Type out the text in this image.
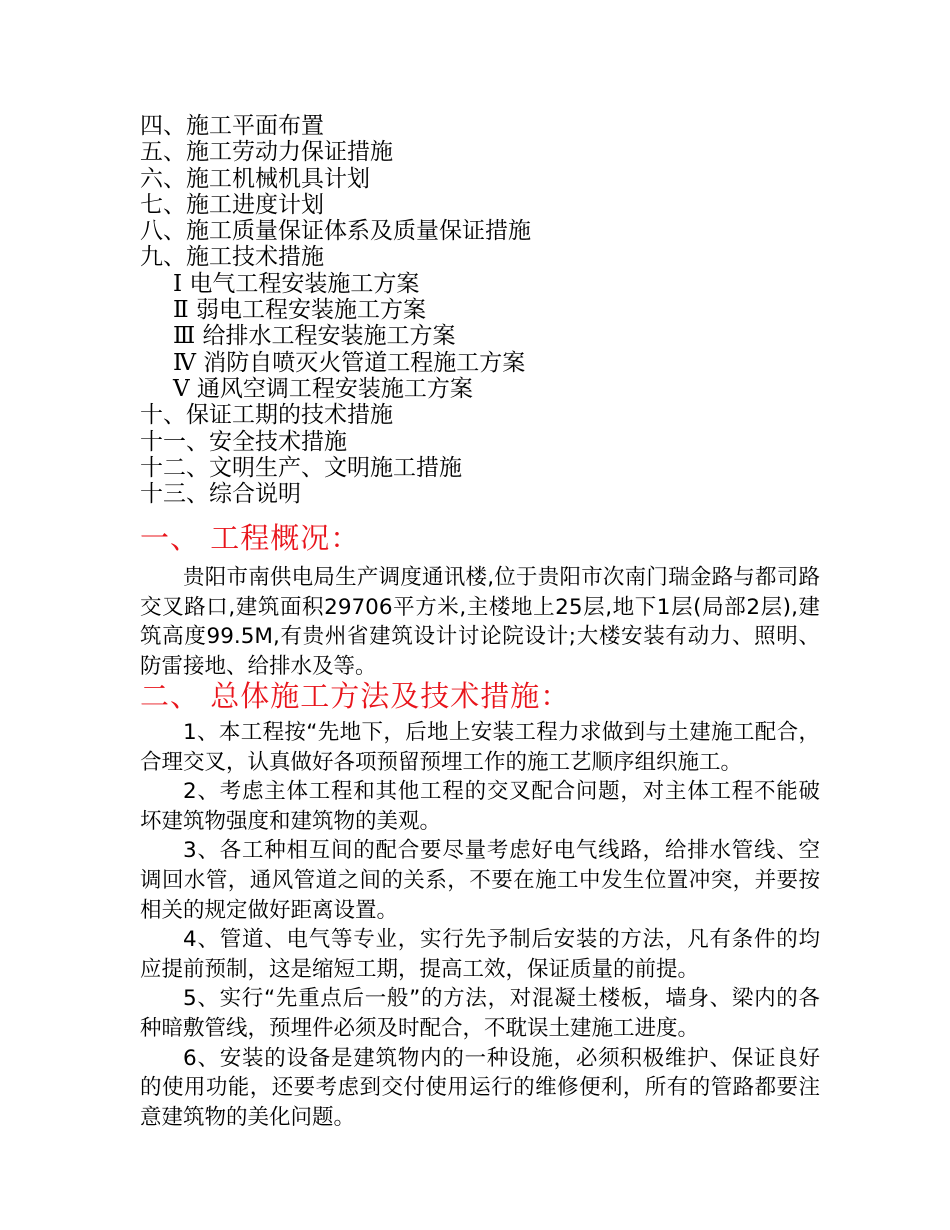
四、施工平面布置
五、施工劳动力保证措施
六、施工机械机具计划
七、施工进度计划
八、施工质量保证体系及质量保证措施
九、施工技术措施
Ⅰ 电气工程安装施工方案
Ⅱ 弱电工程安装施工方案
Ⅲ 给排水工程安装施工方案
Ⅳ 消防自喷灭火管道工程施工方案
Ⅴ 通风空调工程安装施工方案
十、保证工期的技术措施
十一、安全技术措施
十二、文明生产、文明施工措施
十三、综合说明
一、 工程概况：

贵阳市南供电局生产调度通讯楼,位于贵阳市次南门瑞金路与都司路交叉路口,建筑面积29706平方米,主楼地上25层,地下1层(局部2层),建筑高度99.5M,有贵州省建筑设计讨论院设计;大楼安装有动力、照明、防雷接地、给排水及等。

二、 总体施工方法及技术措施：

1、本工程按“先地下，后地上安装工程力求做到与土建施工配合，合理交叉，认真做好各项预留预埋工作的施工艺顺序组织施工。

2、考虑主体工程和其他工程的交叉配合问题，对主体工程不能破坏建筑物强度和建筑物的美观。

3、各工种相互间的配合要尽量考虑好电气线路，给排水管线、空调回水管，通风管道之间的关系，不要在施工中发生位置冲突，并要按相关的规定做好距离设置。

4、管道、电气等专业，实行先予制后安装的方法，凡有条件的均应提前预制，这是缩短工期，提高工效，保证质量的前提。

5、实行“先重点后一般”的方法，对混凝土楼板，墙身、梁内的各种暗敷管线，预埋件必须及时配合，不耽误土建施工进度。

6、安装的设备是建筑物内的一种设施，必须积极维护、保证良好的使用功能，还要考虑到交付使用运行的维修便利，所有的管路都要注意建筑物的美化问题。
